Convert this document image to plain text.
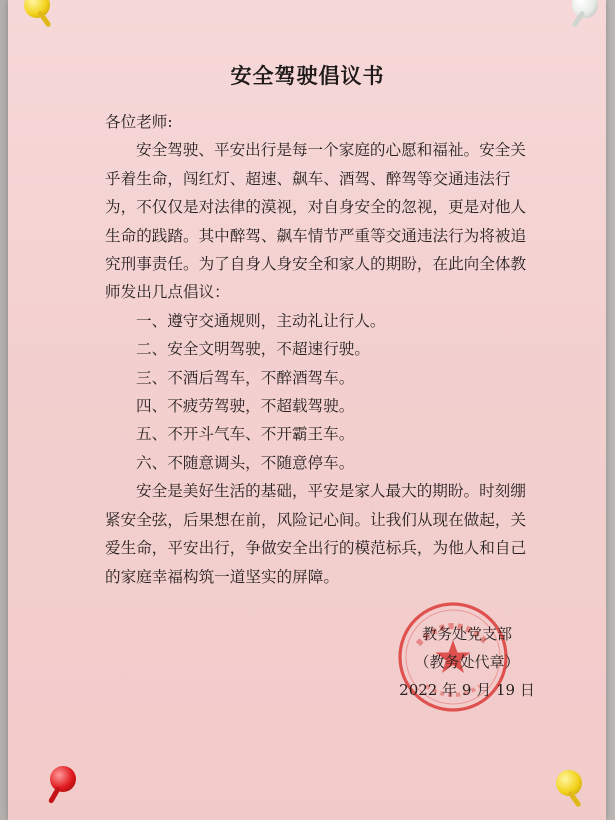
安全驾驶倡议书

各位老师:

安全驾驶、平安出行是每一个家庭的心愿和福祉。安全关乎着生命，闯红灯、超速、飙车、酒驾、醉驾等交通违法行为，不仅仅是对法律的漠视，对自身安全的忽视，更是对他人生命的践踏。其中醉驾、飙车情节严重等交通违法行为将被追究刑事责任。为了自身人身安全和家人的期盼，在此向全体教师发出几点倡议：

一、遵守交通规则，主动礼让行人。

二、安全文明驾驶，不超速行驶。

三、不酒后驾车，不醉酒驾车。

四、不疲劳驾驶，不超载驾驶。

五、不开斗气车、不开霸王车。

六、不随意调头，不随意停车。

安全是美好生活的基础，平安是家人最大的期盼。时刻绷紧安全弦，后果想在前，风险记心间。让我们从现在做起，关爱生命，平安出行，争做安全出行的模范标兵，为他人和自己的家庭幸福构筑一道坚实的屏障。

教务处党支部
（教务处代章）
2022 年 9 月 19 日
